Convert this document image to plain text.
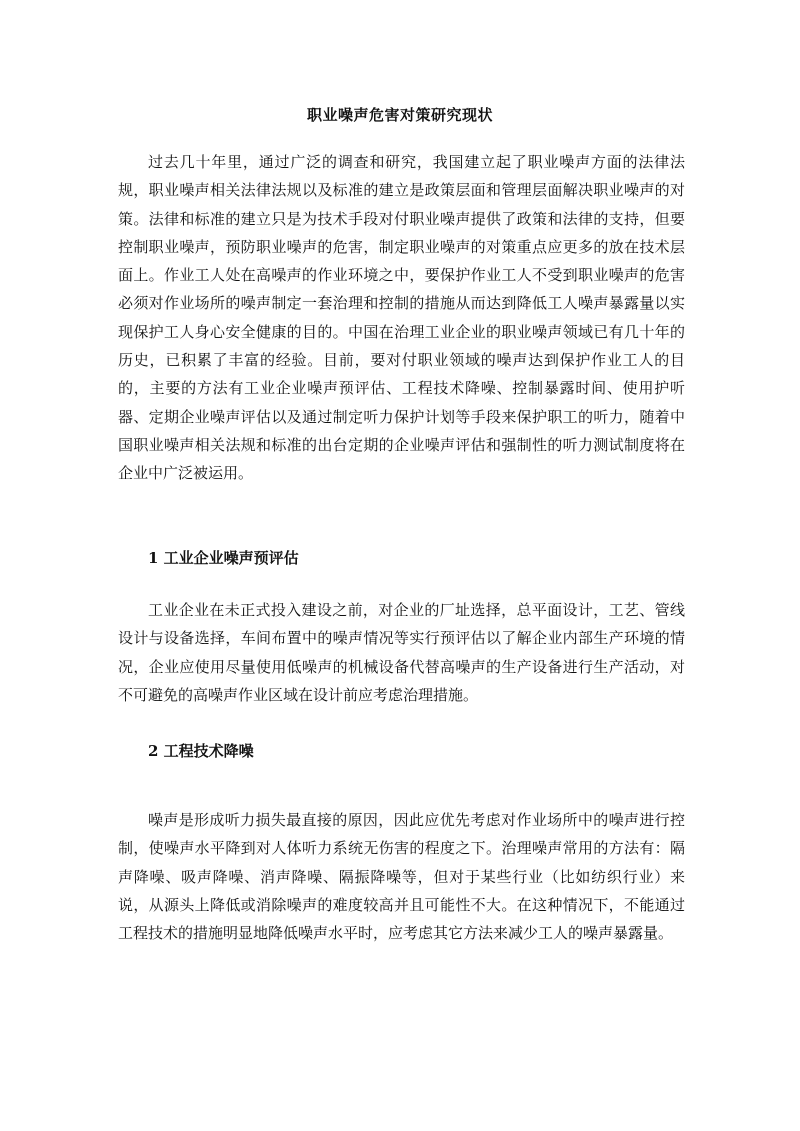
职业噪声危害对策研究现状

过去几十年里，通过广泛的调查和研究，我国建立起了职业噪声方面的法律法规，职业噪声相关法律法规以及标准的建立是政策层面和管理层面解决职业噪声的对策。法律和标准的建立只是为技术手段对付职业噪声提供了政策和法律的支持，但要控制职业噪声，预防职业噪声的危害，制定职业噪声的对策重点应更多的放在技术层面上。作业工人处在高噪声的作业环境之中，要保护作业工人不受到职业噪声的危害必须对作业场所的噪声制定一套治理和控制的措施从而达到降低工人噪声暴露量以实现保护工人身心安全健康的目的。中国在治理工业企业的职业噪声领域已有几十年的历史，已积累了丰富的经验。目前，要对付职业领域的噪声达到保护作业工人的目的，主要的方法有工业企业噪声预评估、工程技术降噪、控制暴露时间、使用护听器、定期企业噪声评估以及通过制定听力保护计划等手段来保护职工的听力，随着中国职业噪声相关法规和标准的出台定期的企业噪声评估和强制性的听力测试制度将在企业中广泛被运用。

1 工业企业噪声预评估

工业企业在未正式投入建设之前，对企业的厂址选择，总平面设计，工艺、管线设计与设备选择，车间布置中的噪声情况等实行预评估以了解企业内部生产环境的情况，企业应使用尽量使用低噪声的机械设备代替高噪声的生产设备进行生产活动，对不可避免的高噪声作业区域在设计前应考虑治理措施。

2 工程技术降噪

噪声是形成听力损失最直接的原因，因此应优先考虑对作业场所中的噪声进行控制，使噪声水平降到对人体听力系统无伤害的程度之下。治理噪声常用的方法有：隔声降噪、吸声降噪、消声降噪、隔振降噪等，但对于某些行业（比如纺织行业）来说，从源头上降低或消除噪声的难度较高并且可能性不大。在这种情况下，不能通过工程技术的措施明显地降低噪声水平时，应考虑其它方法来减少工人的噪声暴露量。
